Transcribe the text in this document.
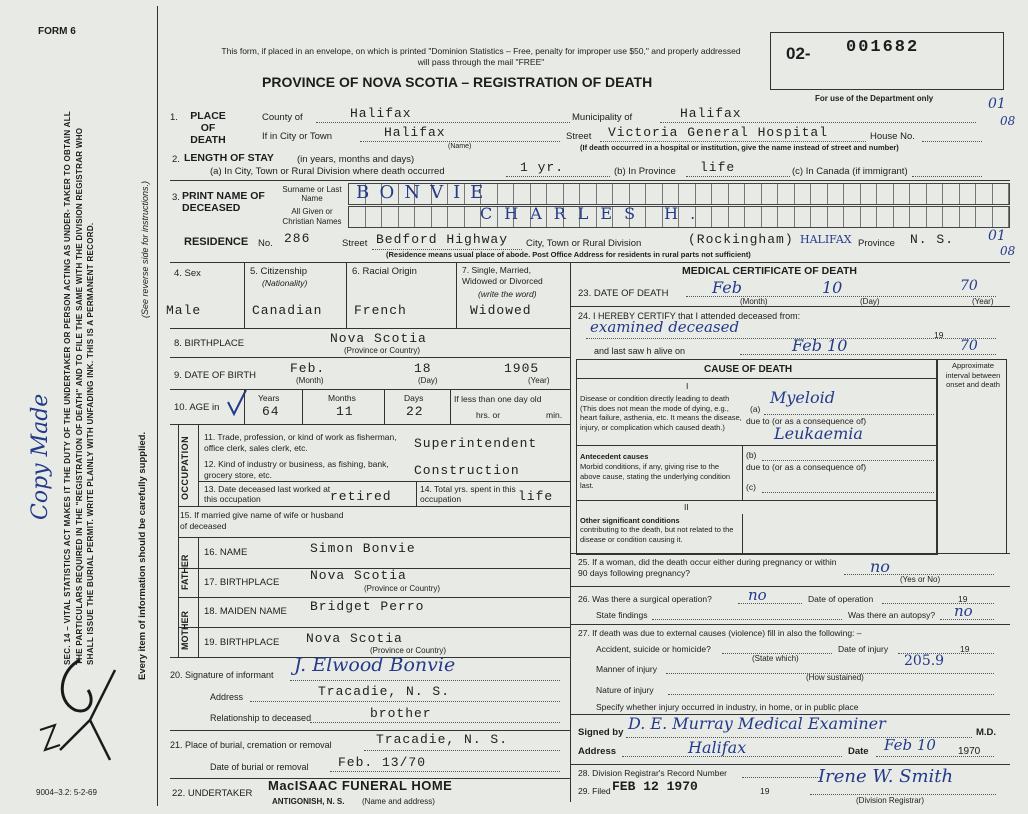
FORM 6
This form, if placed in an envelope, on which is printed "Dominion Statistics – Free, penalty for improper use $50," and properly addressed will pass through the mail "FREE"
PROVINCE OF NOVA SCOTIA – REGISTRATION OF DEATH
02- 001682
For use of the Department only	01
08
01
08
SEC. 14 – VITAL STATISTICS ACT MAKES IT THE DUTY OF THE UNDERTAKER OR PERSON ACTING AS UNDER- TAKER TO OBTAIN ALL THE PARTICULARS REQUIRED IN THE "REGISTRATION OF DEATH" AND TO FILE THE SAME WITH THE DIVISION REGISTRAR WHO SHALL ISSUE THE BURIAL PERMIT. WRITE PLAINLY WITH UNFADING INK. THIS IS A PERMANENT RECORD.	Every item of information should be carefully supplied.
(See reverse side for instructions.)
Copy Made
9004–3.2: 5-2-69
1.	PLACE OF DEATH
County of	Halifax	Municipality of	Halifax
If in City or Town	Halifax
(Name)
Street Victoria General Hospital	House No.
(If death occurred in a hospital or institution, give the name instead of street and number)
2. LENGTH OF STAY (in years, months and days)
(a) In City, Town or Rural Division where death occurred	1 yr.	(b) In Province life	(c) In Canada (if immigrant)
3. PRINT NAME OF DECEASED
Surname or Last Name	BONVIE
All Given or Christian Names	CHARLES H.
RESIDENCE No. 286	Street Bedford Highway City, Town or Rural Division	(Rockingham) HALIFAX Province N. S.
(Residence means usual place of abode. Post Office Address for residents in rural parts not sufficient)
4. Sex
Male
5. Citizenship
(Nationality)
Canadian
6. Racial Origin
French
7. Single, Married, Widowed or Divorced
(write the word)
Widowed
8. BIRTHPLACE	Nova Scotia
(Province or Country)
9. DATE OF BIRTH	Feb.
(Month)
18
(Day)
1905
(Year)
10. AGE in
Years
64
Months
11
Days
22
If less than one day old
hrs. or	min.
OCCUPATION 11. Trade, profession, or kind of work as fisherman, office clerk, sales clerk, etc.	Superintendent
12. Kind of industry or business, as fishing, bank, grocery store, etc.	Construction
13. Date deceased last worked at this occupation	retired	14. Total yrs. spent in this occupation	life
15. If married give name of wife or husband of deceased
FATHER
16. NAME	Simon Bonvie
17. BIRTHPLACE Nova Scotia
(Province or Country)
MOTHER 18. MAIDEN NAME Bridget Perro
19. BIRTHPLACE Nova Scotia
(Province or Country)
20. Signature of informant J. Elwood Bonvie
Address	Tracadie, N. S.
Relationship to deceased	brother
21. Place of burial, cremation or removal	Tracadie, N. S.
Date of burial or removal Feb. 13/70
22. UNDERTAKER
MacISAAC FUNERAL HOME
ANTIGONISH, N. S. (Name and address)
MEDICAL CERTIFICATE OF DEATH
23. DATE OF DEATH	Feb	10	70
(Month)	(Day)	(Year)
24. I HEREBY CERTIFY that I attended deceased from:
examined deceased	19
and last saw h alive on	Feb 10	70
CAUSE OF DEATH	Approximate interval between onset and death
I
Disease or condition directly leading to death (This does not mean the mode of dying, e.g., heart failure, asthenia, etc. It means the disease, injury, or complication which caused death.)
(a)
Myeloid
due to (or as a consequence of)
Leukaemia
Antecedent causes
Morbid conditions, if any, giving rise to the above cause, stating the underlying condition last.
(b)
due to (or as a consequence of)
(c)
II
Other significant conditions
contributing to the death, but not related to the disease or condition causing it.
25. If a woman, did the death occur either during pregnancy or within 90 days following pregnancy?	no
(Yes or No)
26. Was there a surgical operation? no	Date of operation	19
State findings	Was there an autopsy? no
27. If death was due to external causes (violence) fill in also the following: –
Accident, suicide or homicide?
(State which)
Date of injury	19
205.9
Manner of injury
(How sustained)
Nature of injury
Specify whether injury occurred in industry, in home, or in public place
Signed by D. E. Murray Medical Examiner	M.D.
Address	Halifax	Date Feb 10 1970
28. Division Registrar's Record Number
29. Filed FEB 12 1970	19
Irene W. Smith
(Division Registrar)
